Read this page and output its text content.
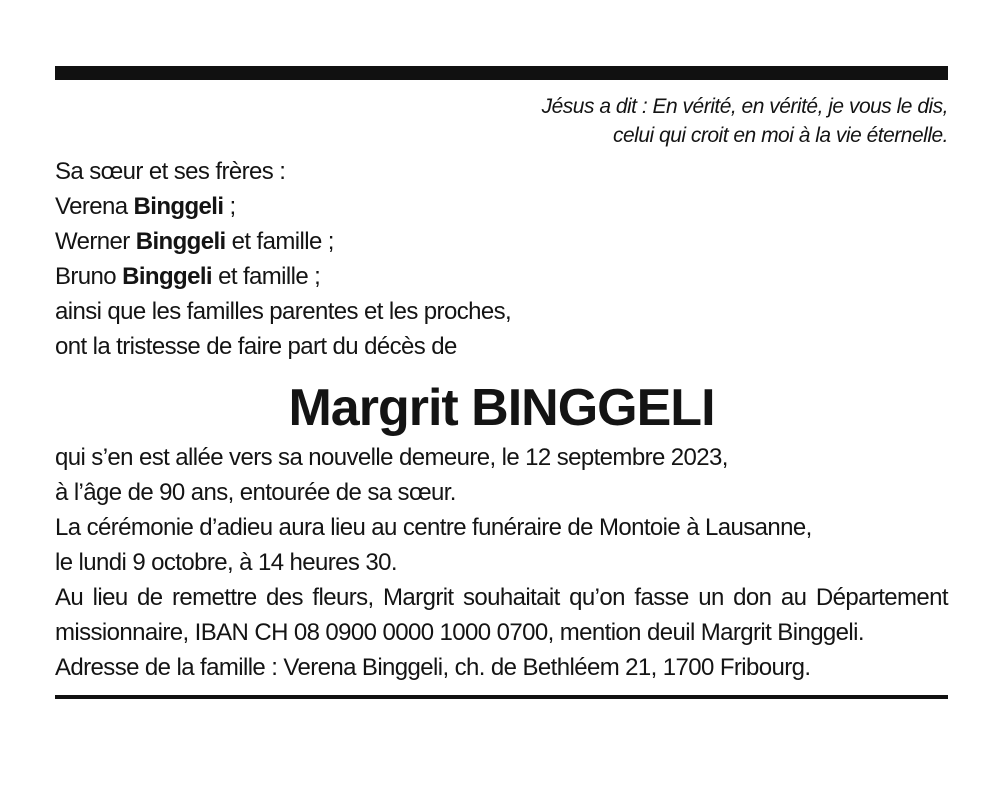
Jésus a dit : En vérité, en vérité, je vous le dis,
celui qui croit en moi à la vie éternelle.
Sa sœur et ses frères :
Verena Binggeli ;
Werner Binggeli et famille ;
Bruno Binggeli et famille ;
ainsi que les familles parentes et les proches,
ont la tristesse de faire part du décès de
Margrit BINGGELI
qui s’en est allée vers sa nouvelle demeure, le 12 septembre 2023,
à l’âge de 90 ans, entourée de sa sœur.
La cérémonie d’adieu aura lieu au centre funéraire de Montoie à Lausanne,
le lundi 9 octobre, à 14 heures 30.
Au lieu de remettre des fleurs, Margrit souhaitait qu’on fasse un don au Département missionnaire, IBAN CH 08 0900 0000 1000 0700, mention deuil Margrit Binggeli.
Adresse de la famille : Verena Binggeli, ch. de Bethléem 21, 1700 Fribourg.
